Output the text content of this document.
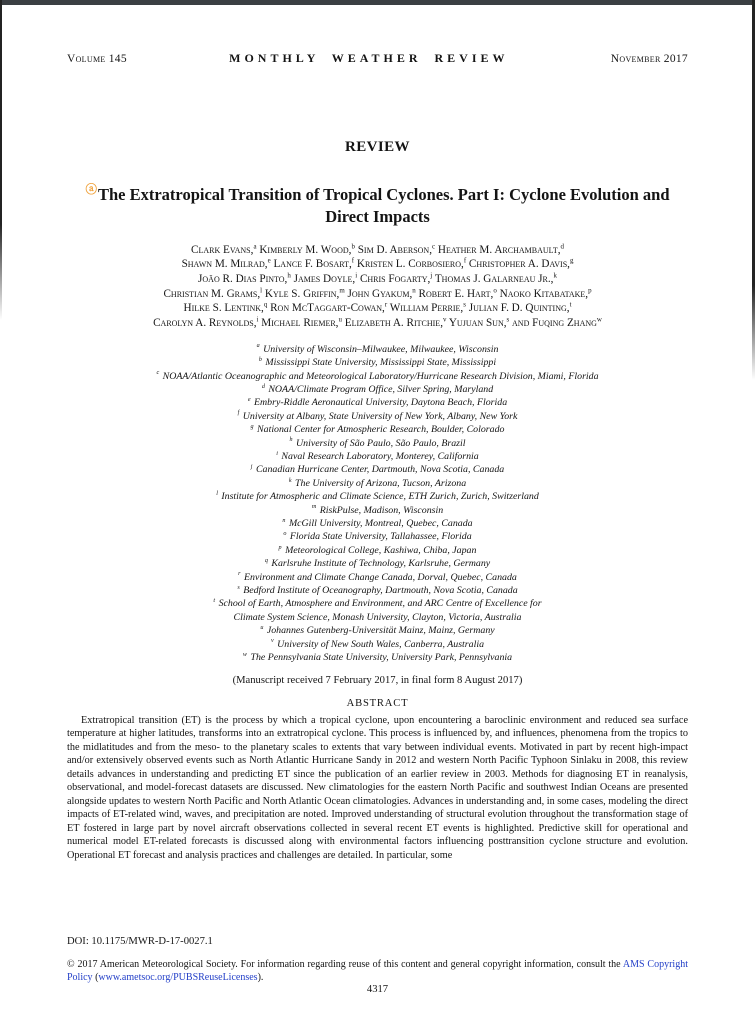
Volume 145	MONTHLY WEATHER REVIEW	November 2017
REVIEW
ⓐThe Extratropical Transition of Tropical Cyclones. Part I: Cyclone Evolution and Direct Impacts
Clark Evans,$^a$ Kimberly M. Wood,$^b$ Sim D. Aberson,$^c$ Heather M. Archambault,$^d$
Shawn M. Milrad,$^e$ Lance F. Bosart,$^f$ Kristen L. Corbosiero,$^f$ Christopher A. Davis,$^g$
João R. Dias Pinto,$^h$ James Doyle,$^i$ Chris Fogarty,$^j$ Thomas J. Galarneau Jr.,$^k$
Christian M. Grams,$^l$ Kyle S. Griffin,$^m$ John Gyakum,$^n$ Robert E. Hart,$^o$ Naoko Kitabatake,$^p$
Hilke S. Lentink,$^q$ Ron McTaggart-Cowan,$^r$ William Perrie,$^s$ Julian F. D. Quinting,$^t$
Carolyn A. Reynolds,$^i$ Michael Riemer,$^u$ Elizabeth A. Ritchie,$^v$ Yujuan Sun,$^s$ and Fuqing Zhang$^w$
$^a$ University of Wisconsin–Milwaukee, Milwaukee, Wisconsin
$^b$ Mississippi State University, Mississippi State, Mississippi
$^c$ NOAA/Atlantic Oceanographic and Meteorological Laboratory/Hurricane Research Division, Miami, Florida
$^d$ NOAA/Climate Program Office, Silver Spring, Maryland
$^e$ Embry-Riddle Aeronautical University, Daytona Beach, Florida
$^f$ University at Albany, State University of New York, Albany, New York
$^g$ National Center for Atmospheric Research, Boulder, Colorado
$^h$ University of São Paulo, São Paulo, Brazil
$^i$ Naval Research Laboratory, Monterey, California
$^j$ Canadian Hurricane Center, Dartmouth, Nova Scotia, Canada
$^k$ The University of Arizona, Tucson, Arizona
$^l$ Institute for Atmospheric and Climate Science, ETH Zurich, Zurich, Switzerland
$^m$ RiskPulse, Madison, Wisconsin
$^n$ McGill University, Montreal, Quebec, Canada
$^o$ Florida State University, Tallahassee, Florida
$^p$ Meteorological College, Kashiwa, Chiba, Japan
$^q$ Karlsruhe Institute of Technology, Karlsruhe, Germany
$^r$ Environment and Climate Change Canada, Dorval, Quebec, Canada
$^s$ Bedford Institute of Oceanography, Dartmouth, Nova Scotia, Canada
$^t$ School of Earth, Atmosphere and Environment, and ARC Centre of Excellence for
Climate System Science, Monash University, Clayton, Victoria, Australia
$^u$ Johannes Gutenberg-Universität Mainz, Mainz, Germany
$^v$ University of New South Wales, Canberra, Australia
$^w$ The Pennsylvania State University, University Park, Pennsylvania
(Manuscript received 7 February 2017, in final form 8 August 2017)
ABSTRACT
Extratropical transition (ET) is the process by which a tropical cyclone, upon encountering a baroclinic environment and reduced sea surface temperature at higher latitudes, transforms into an extratropical cyclone. This process is influenced by, and influences, phenomena from the tropics to the midlatitudes and from the meso- to the planetary scales to extents that vary between individual events. Motivated in part by recent high-impact and/or extensively observed events such as North Atlantic Hurricane Sandy in 2012 and western North Pacific Typhoon Sinlaku in 2008, this review details advances in understanding and predicting ET since the publication of an earlier review in 2003. Methods for diagnosing ET in reanalysis, observational, and model-forecast datasets are discussed. New climatologies for the eastern North Pacific and southwest Indian Oceans are presented alongside updates to western North Pacific and North Atlantic Ocean climatologies. Advances in understanding and, in some cases, modeling the direct impacts of ET-related wind, waves, and precipitation are noted. Improved understanding of structural evolution throughout the transformation stage of ET fostered in large part by novel aircraft observations collected in several recent ET events is highlighted. Predictive skill for operational and numerical model ET-related forecasts is discussed along with environmental factors influencing posttransition cyclone structure and evolution. Operational ET forecast and analysis practices and challenges are detailed. In particular, some
DOI: 10.1175/MWR-D-17-0027.1
© 2017 American Meteorological Society. For information regarding reuse of this content and general copyright information, consult the AMS Copyright Policy (www.ametsoc.org/PUBSReuseLicenses).
4317
